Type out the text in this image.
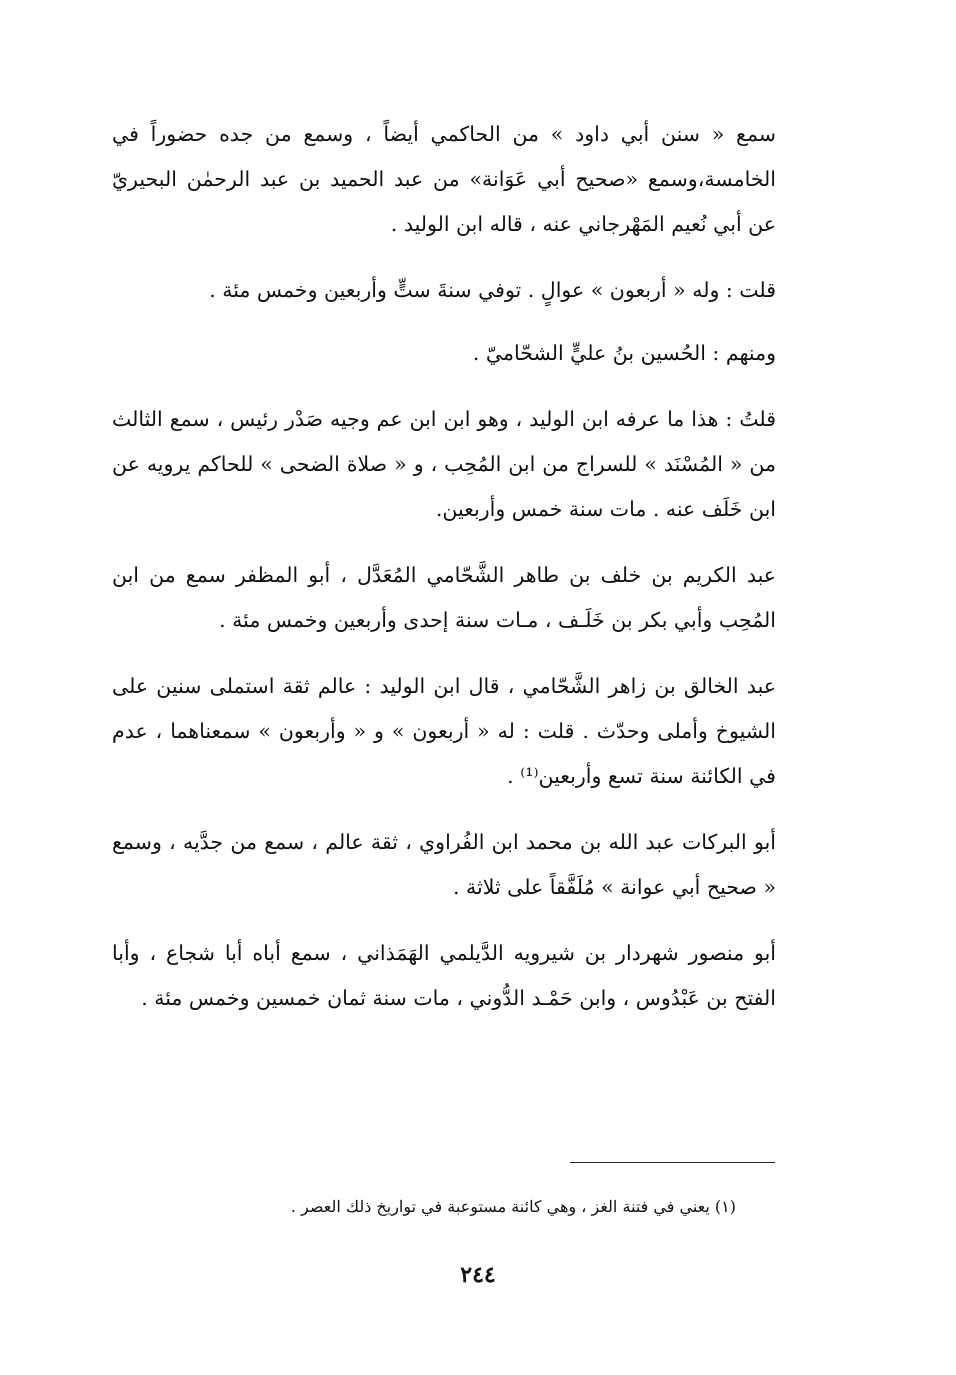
سمع « سنن أبي داود » من الحاكمي أيضاً ، وسمع من جده حضوراً في الخامسة،وسمع «صحيح أبي عَوَانة» من عبد الحميد بن عبد الرحمٰن البحيريّ عن أبي نُعيم المَهْرجاني عنه ، قاله ابن الوليد .

قلت : وله « أربعون » عوالٍ . توفي سنةَ ستٍّ وأربعين وخمس مئة .

ومنهم : الحُسين بنُ عليٍّ الشحّاميّ .

قلتُ : هذا ما عرفه ابن الوليد ، وهو ابن ابن عم وجيه صَدْر رئيس ، سمع الثالث من « المُسْنَد » للسراج من ابن المُحِب ، و « صلاة الضحى » للحاكم يرويه عن ابن خَلَف عنه . مات سنة خمس وأربعين.

عبد الكريم بن خلف بن طاهر الشَّحّامي المُعَدَّل ، أبو المظفر سمع من ابن المُحِب وأبي بكر بن خَلَـف ، مـات سنة إحدى وأربعين وخمس مئة .

عبد الخالق بن زاهر الشَّحّامي ، قال ابن الوليد : عالم ثقة استملى سنين على الشيوخ وأملى وحدّث . قلت : له « أربعون » و « وأربعون » سمعناهما ، عدم في الكائنة سنة تسع وأربعين⁽¹⁾ .

أبو البركات عبد الله بن محمد ابن الفُراوي ، ثقة عالم ، سمع من جدَّيه ، وسمع « صحيح أبي عوانة » مُلَفَّقاً على ثلاثة .

أبو منصور شهردار بن شيرويه الدَّيلمي الهَمَذاني ، سمع أباه أبا شجاع ، وأبا الفتح بن عَبْدُوس ، وابن حَمْـد الدُّوني ، مات سنة ثمان خمسين وخمس مئة .

(١) يعني في فتنة الغز ، وهي كائنة مستوعبة في تواريخ ذلك العصر .
٢٤٤
